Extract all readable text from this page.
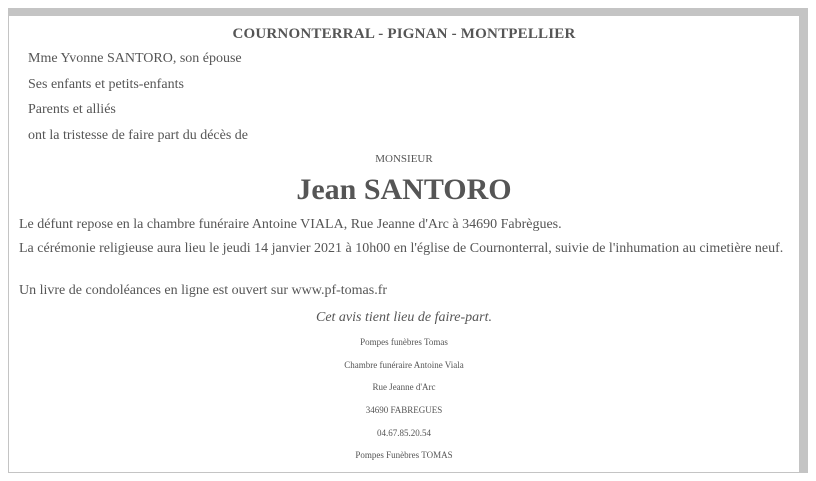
COURNONTERRAL - PIGNAN - MONTPELLIER
Mme Yvonne SANTORO, son épouse
Ses enfants et petits-enfants
Parents et alliés
ont la tristesse de faire part du décès de
MONSIEUR
Jean SANTORO
Le défunt repose en la chambre funéraire Antoine VIALA, Rue Jeanne d'Arc à 34690 Fabrègues.
La cérémonie religieuse aura lieu le jeudi 14 janvier 2021 à 10h00 en l'église de Cournonterral, suivie de l'inhumation au cimetière neuf.
Un livre de condoléances en ligne est ouvert sur www.pf-tomas.fr
Cet avis tient lieu de faire-part.
Pompes funèbres Tomas
Chambre funéraire Antoine Viala
Rue Jeanne d'Arc
34690 FABREGUES
04.67.85.20.54
Pompes Funèbres TOMAS
